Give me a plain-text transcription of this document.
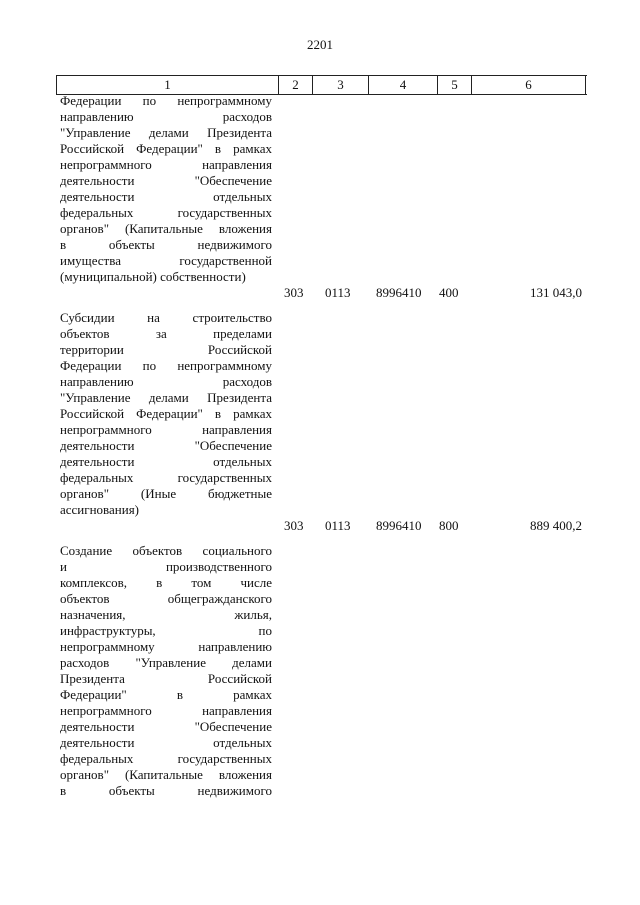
2201
1	2	3	4	5	6
Федерации по непрограммному
направлению расходов
"Управление делами Президента
Российской Федерации" в рамках
непрограммного направления
деятельности "Обеспечение
деятельности отдельных
федеральных государственных
органов" (Капитальные вложения
в объекты недвижимого
имущества государственной
(муниципальной) собственности)
303 0113 8996410 400	131 043,0
Субсидии на строительство
объектов за пределами
территории Российской
Федерации по непрограммному
направлению расходов
"Управление делами Президента
Российской Федерации" в рамках
непрограммного направления
деятельности "Обеспечение
деятельности отдельных
федеральных государственных
органов" (Иные бюджетные
ассигнования)
303 0113 8996410 800	889 400,2
Создание объектов социального
и производственного
комплексов, в том числе
объектов общегражданского
назначения, жилья,
инфраструктуры, по
непрограммному направлению
расходов "Управление делами
Президента Российской
Федерации" в рамках
непрограммного направления
деятельности "Обеспечение
деятельности отдельных
федеральных государственных
органов" (Капитальные вложения
в объекты недвижимого
